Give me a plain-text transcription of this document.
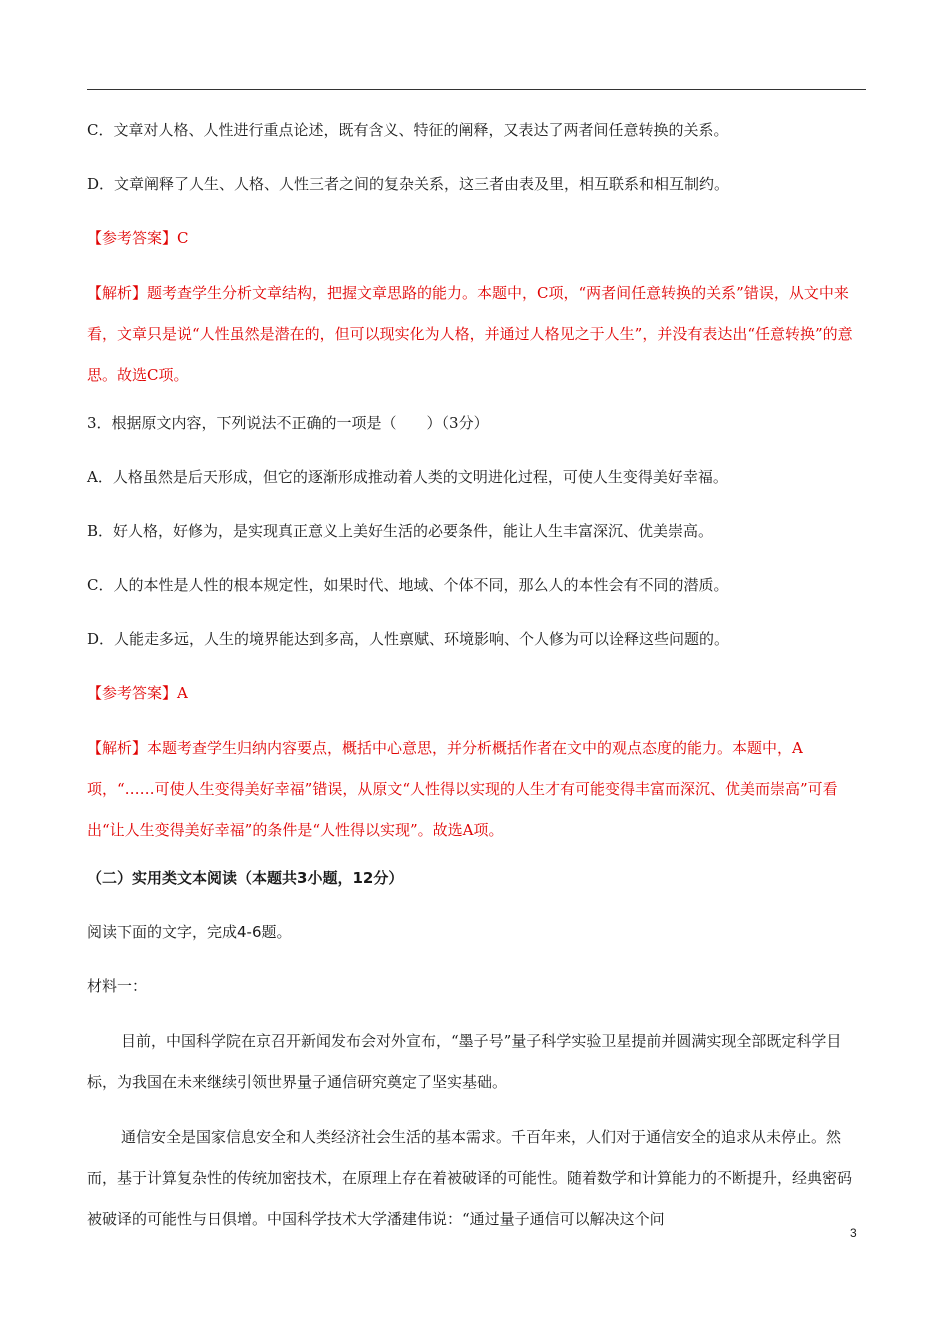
C．文章对人格、人性进行重点论述，既有含义、特征的阐释，又表达了两者间任意转换的关系。

D．文章阐释了人生、人格、人性三者之间的复杂关系，这三者由表及里，相互联系和相互制约。

【参考答案】C

【解析】题考查学生分析文章结构，把握文章思路的能力。本题中，C项，“两者间任意转换的关系”错误，从文中来看，文章只是说“人性虽然是潜在的，但可以现实化为人格，并通过人格见之于人生”，并没有表达出“任意转换”的意思。故选C项。

3．根据原文内容，下列说法不正确的一项是（　　）（3分）

A．人格虽然是后天形成，但它的逐渐形成推动着人类的文明进化过程，可使人生变得美好幸福。

B．好人格，好修为，是实现真正意义上美好生活的必要条件，能让人生丰富深沉、优美崇高。

C．人的本性是人性的根本规定性，如果时代、地域、个体不同，那么人的本性会有不同的潜质。

D．人能走多远，人生的境界能达到多高，人性禀赋、环境影响、个人修为可以诠释这些问题的。

【参考答案】A

【解析】本题考查学生归纳内容要点，概括中心意思，并分析概括作者在文中的观点态度的能力。本题中，A项，“……可使人生变得美好幸福”错误，从原文“人性得以实现的人生才有可能变得丰富而深沉、优美而崇高”可看出“让人生变得美好幸福”的条件是“人性得以实现”。故选A项。

（二）实用类文本阅读（本题共3小题，12分）

阅读下面的文字，完成4-6题。

材料一：

目前，中国科学院在京召开新闻发布会对外宣布，“墨子号”量子科学实验卫星提前并圆满实现全部既定科学目标，为我国在未来继续引领世界量子通信研究奠定了坚实基础。

通信安全是国家信息安全和人类经济社会生活的基本需求。千百年来，人们对于通信安全的追求从未停止。然而，基于计算复杂性的传统加密技术，在原理上存在着被破译的可能性。随着数学和计算能力的不断提升，经典密码被破译的可能性与日俱增。中国科学技术大学潘建伟说：“通过量子通信可以解决这个问

3
